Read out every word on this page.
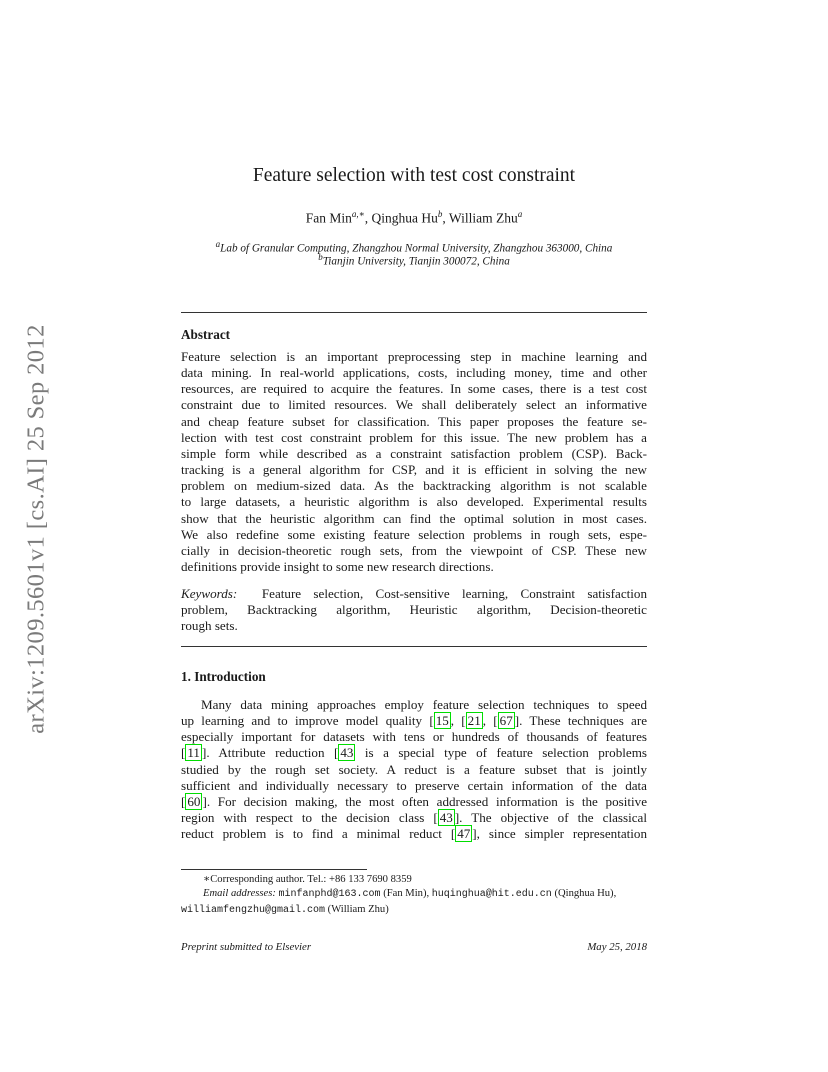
arXiv:1209.5601v1 [cs.AI] 25 Sep 2012
Feature selection with test cost constraint
Fan Min$^{a,∗}$, Qinghua Hu$^b$, William Zhu$^a$
$^a$Lab of Granular Computing, Zhangzhou Normal University, Zhangzhou 363000, China
$^b$Tianjin University, Tianjin 300072, China
Abstract
Feature selection is an important preprocessing step in machine learning and
data mining. In real-world applications, costs, including money, time and other
resources, are required to acquire the features. In some cases, there is a test cost
constraint due to limited resources. We shall deliberately select an informative
and cheap feature subset for classification. This paper proposes the feature se-
lection with test cost constraint problem for this issue. The new problem has a
simple form while described as a constraint satisfaction problem (CSP). Back-
tracking is a general algorithm for CSP, and it is efficient in solving the new
problem on medium-sized data. As the backtracking algorithm is not scalable
to large datasets, a heuristic algorithm is also developed. Experimental results
show that the heuristic algorithm can find the optimal solution in most cases.
We also redefine some existing feature selection problems in rough sets, espe-
cially in decision-theoretic rough sets, from the viewpoint of CSP. These new
definitions provide insight to some new research directions.
Keywords: Feature selection, Cost-sensitive learning, Constraint satisfaction
problem, Backtracking algorithm, Heuristic algorithm, Decision-theoretic
rough sets.
1. Introduction
Many data mining approaches employ feature selection techniques to speed
up learning and to improve model quality [ 15 , [ 21 , [ 67 ]. These techniques are
especially important for datasets with tens or hundreds of thousands of features
[ 11 ]. Attribute reduction [ 43 is a special type of feature selection problems
studied by the rough set society. A reduct is a feature subset that is jointly
sufficient and individually necessary to preserve certain information of the data
[ 60 ]. For decision making, the most often addressed information is the positive
region with respect to the decision class [ 43 ]. The objective of the classical
reduct problem is to find a minimal reduct [ 47 ], since simpler representation
∗Corresponding author. Tel.: +86 133 7690 8359
Email addresses: minfanphd@163.com (Fan Min), huqinghua@hit.edu.cn (Qinghua Hu),
williamfengzhu@gmail.com (William Zhu)
Preprint submitted to Elsevier	May 25, 2018
